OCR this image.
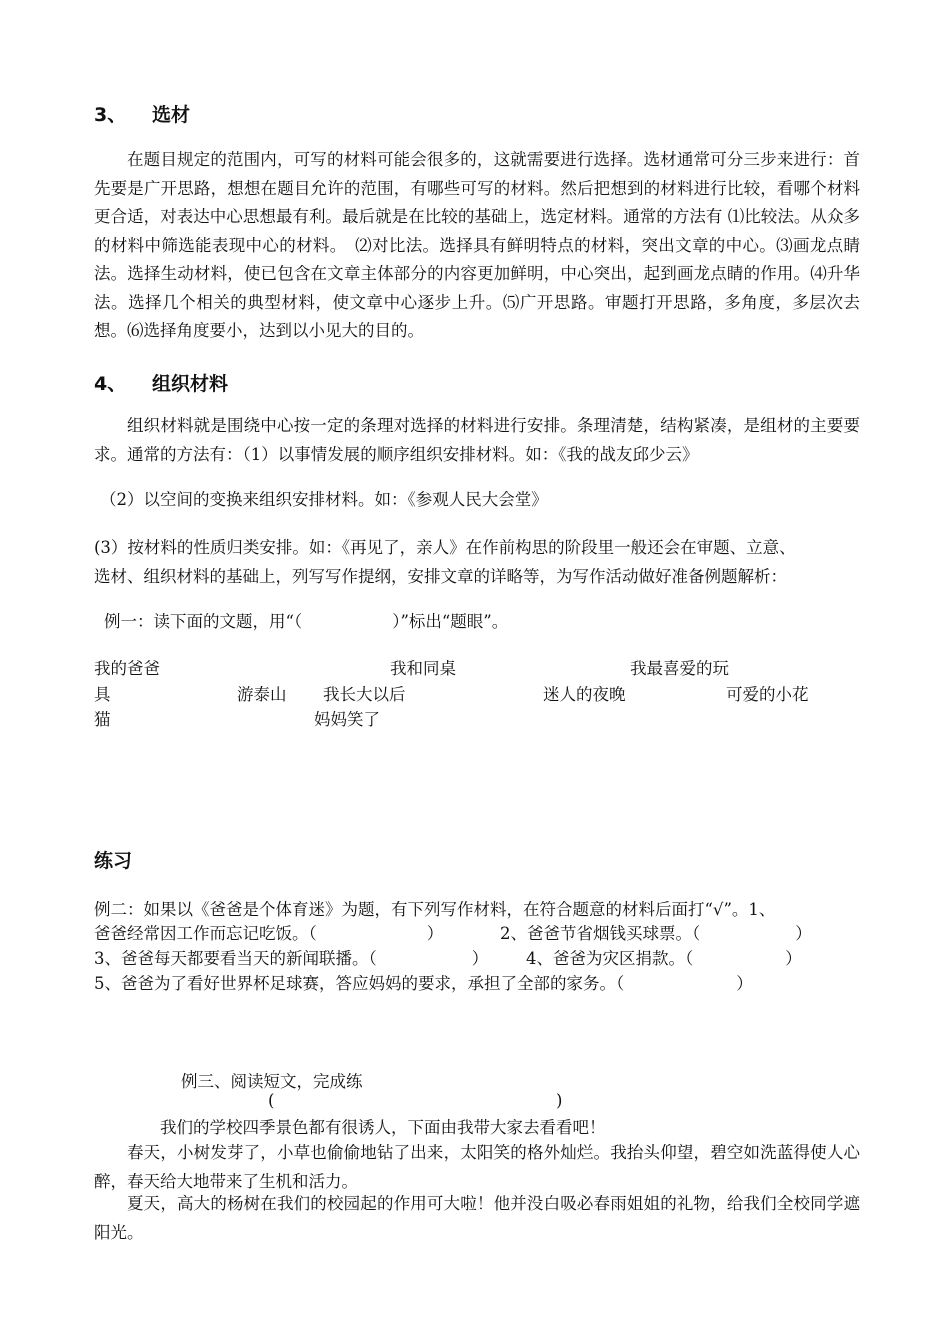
3、 选材
在题目规定的范围内，可写的材料可能会很多的，这就需要进行选择。选材通常可分三步来进行：首先要是广开思路，想想在题目允许的范围，有哪些可写的材料。然后把想到的材料进行比较，看哪个材料更合适，对表达中心思想最有利。最后就是在比较的基础上，选定材料。通常的方法有 ⑴比较法。从众多的材料中筛选能表现中心的材料。　⑵对比法。选择具有鲜明特点的材料，突出文章的中心。⑶画龙点睛法。选择生动材料，使已包含在文章主体部分的内容更加鲜明，中心突出，起到画龙点睛的作用。⑷升华法。选择几个相关的典型材料，使文章中心逐步上升。⑸广开思路。审题打开思路，多角度，多层次去想。⑹选择角度要小，达到以小见大的目的。
4、 组织材料
组织材料就是围绕中心按一定的条理对选择的材料进行安排。条理清楚，结构紧凑，是组材的主要要求。通常的方法有：（1）以事情发展的顺序组织安排材料。如：《我的战友邱少云》
（2）以空间的变换来组织安排材料。如：《参观人民大会堂》
(3）按材料的性质归类安排。如：《再见了，亲人》在作前构思的阶段里一般还会在审题、立意、
选材、组织材料的基础上，列写写作提纲，安排文章的详略等，为写作活动做好准备例题解析：
例一：读下面的文题，用“（	）”标出“题眼”。
我的爸爸	我和同桌	我最喜爱的玩
具	游泰山 我长大以后	迷人的夜晚	可爱的小花
猫	妈妈笑了
练习
例二：如果以《爸爸是个体育迷》为题，有下列写作材料，在符合题意的材料后面打“√”。1、
爸爸经常因工作而忘记吃饭。（	）	2、爸爸节省烟钱买球票。（	）
3、爸爸每天都要看当天的新闻联播。（	） 4、爸爸为灾区捐款。（	）
5、爸爸为了看好世界杯足球赛，答应妈妈的要求，承担了全部的家务。（	）
例三、阅读短文，完成练
(	)
我们的学校四季景色都有很诱人，下面由我带大家去看看吧！
春天，小树发芽了，小草也偷偷地钻了出来，太阳笑的格外灿烂。我抬头仰望，碧空如洗蓝得使人心醉，春天给大地带来了生机和活力。
夏天，高大的杨树在我们的校园起的作用可大啦！他并没白吸必春雨姐姐的礼物，给我们全校同学遮阳光。
